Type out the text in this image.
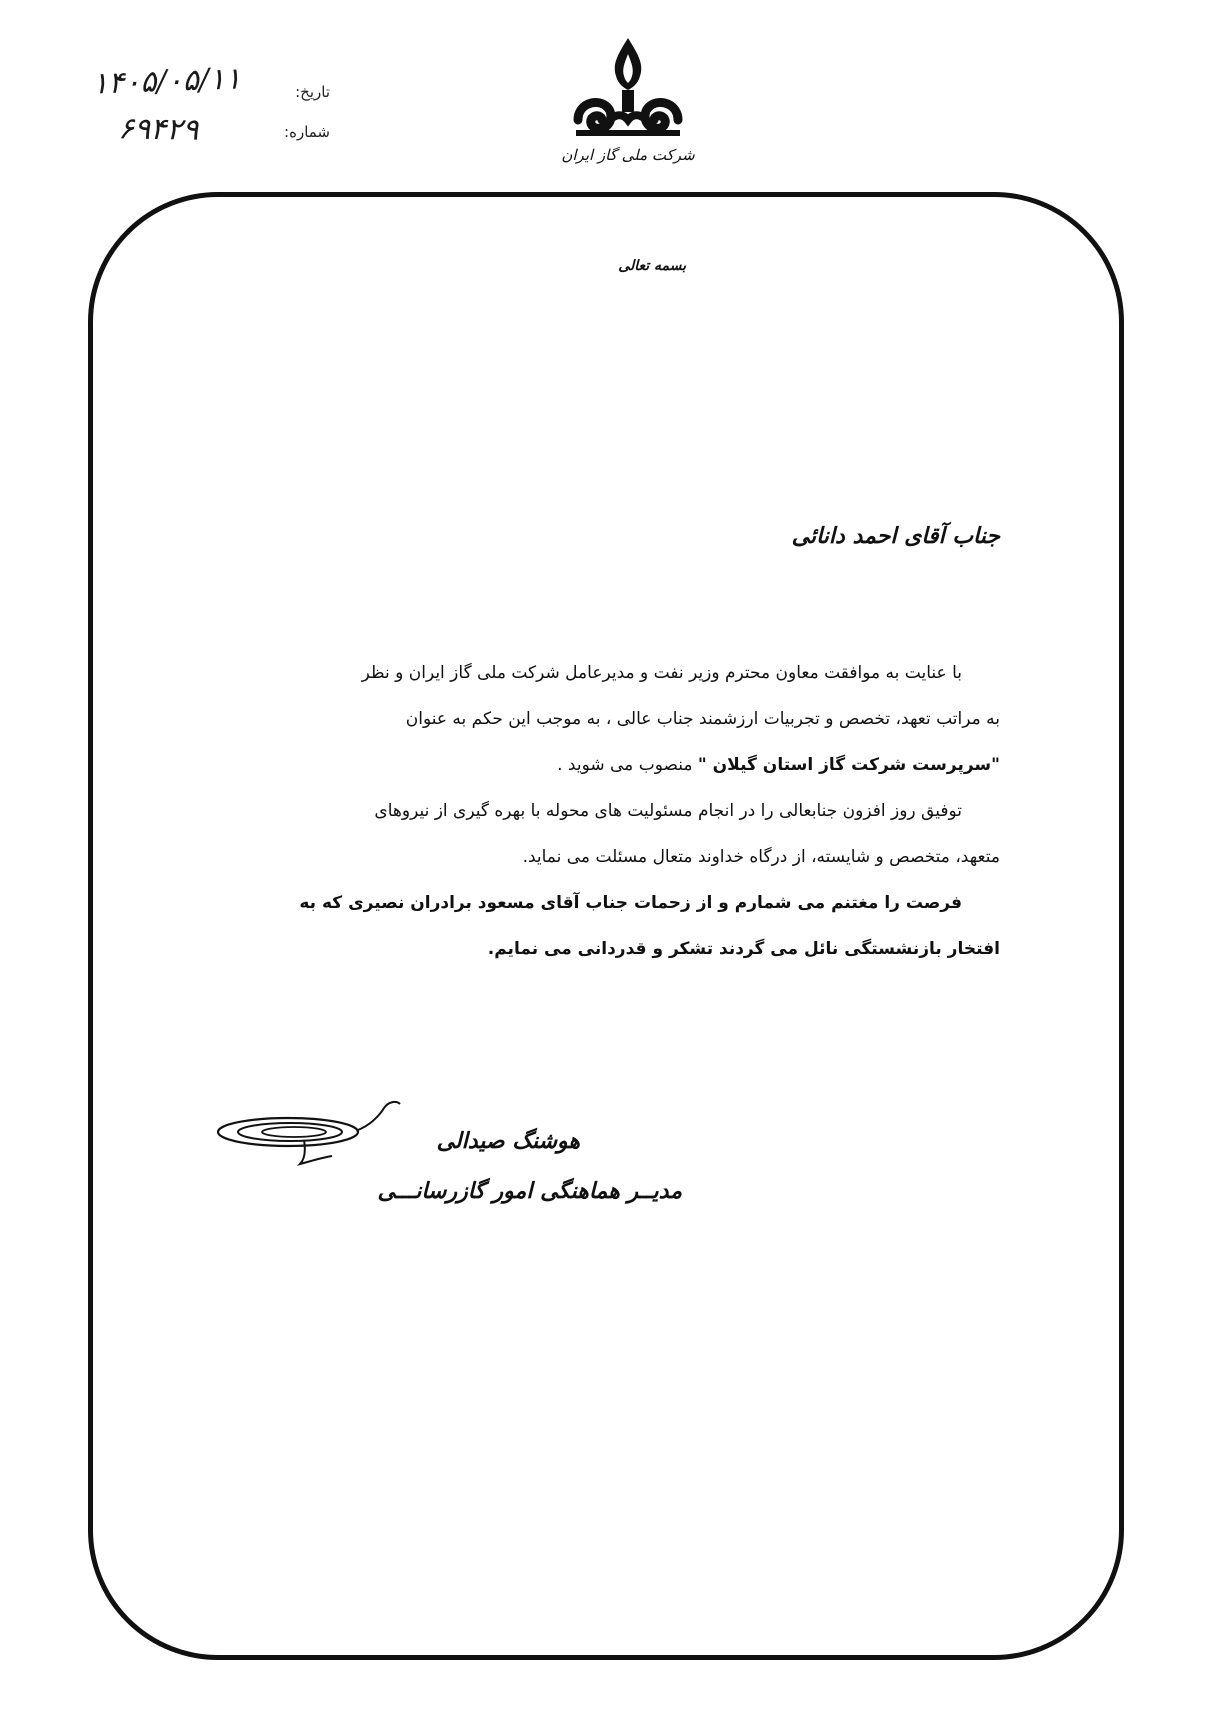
تاریخ:
شماره:
۱۴۰۵/۰۵/۱۱
۶۹۴۲۹
شرکت ملی گاز ایران
بسمه تعالی
جناب آقای احمد دانائی
با عنایت به موافقت معاون محترم وزیر نفت و مدیرعامل شرکت ملی گاز ایران و نظر
به مراتب تعهد، تخصص و تجربیات ارزشمند جناب عالی ، به موجب این حکم به عنوان
"سرپرست شرکت گاز استان گیلان " منصوب می شوید .
توفیق روز افزون جنابعالی را در انجام مسئولیت های محوله با بهره گیری از نیروهای
متعهد، متخصص و شایسته، از درگاه خداوند متعال مسئلت می نماید.
فرصت را مغتنم می شمارم و از زحمات جناب آقای مسعود برادران نصیری که به
افتخار بازنشستگی نائل می گردند تشکر و قدردانی می نمایم.
هوشنگ صیدالی
مدیــر هماهنگی امور گازرسانـــی
